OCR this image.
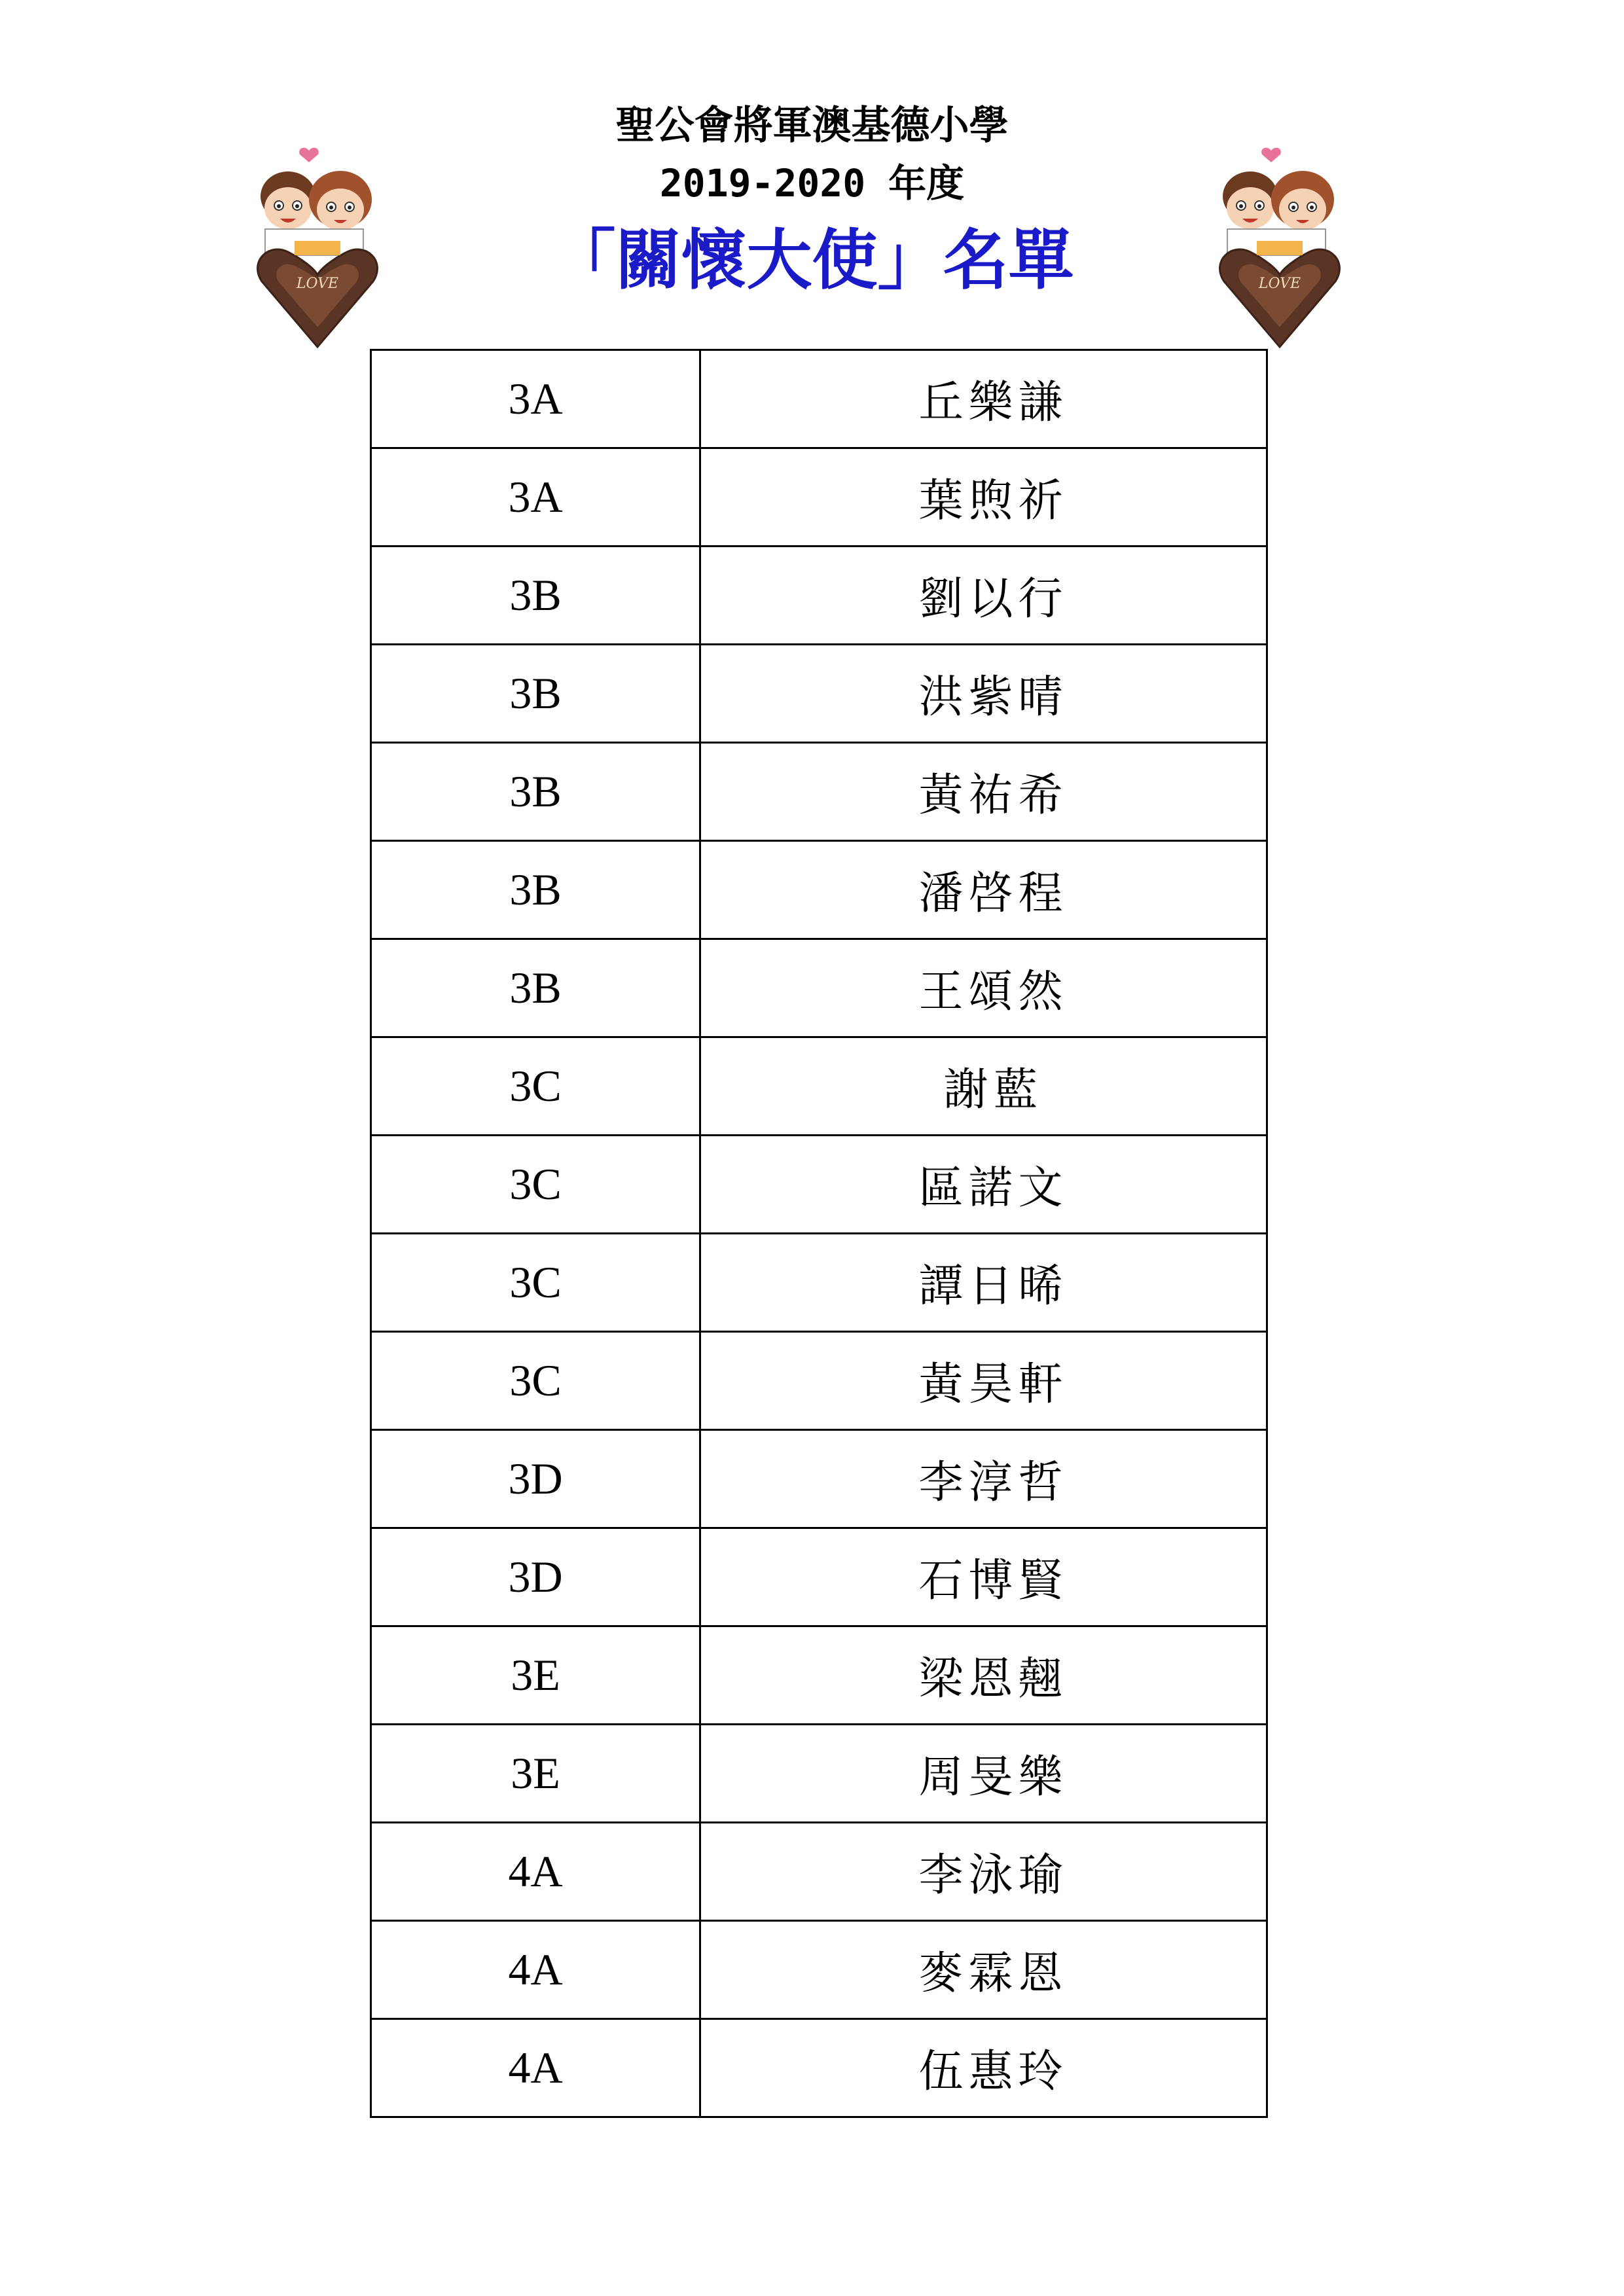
聖公會將軍澳基德小學
2019-2020 年度
「關懷大使」名單
LOVE	LOVE
3A	丘樂謙
3A	葉煦祈
3B	劉以行
3B	洪紫晴
3B	黃祐希
3B	潘啓程
3B	王頌然
3C	謝藍
3C	區諾文
3C	譚日晞
3C	黃昊軒
3D	李淳哲
3D	石博賢
3E	梁恩翹
3E	周旻樂
4A	李泳瑜
4A	麥霖恩
4A	伍惠玲
